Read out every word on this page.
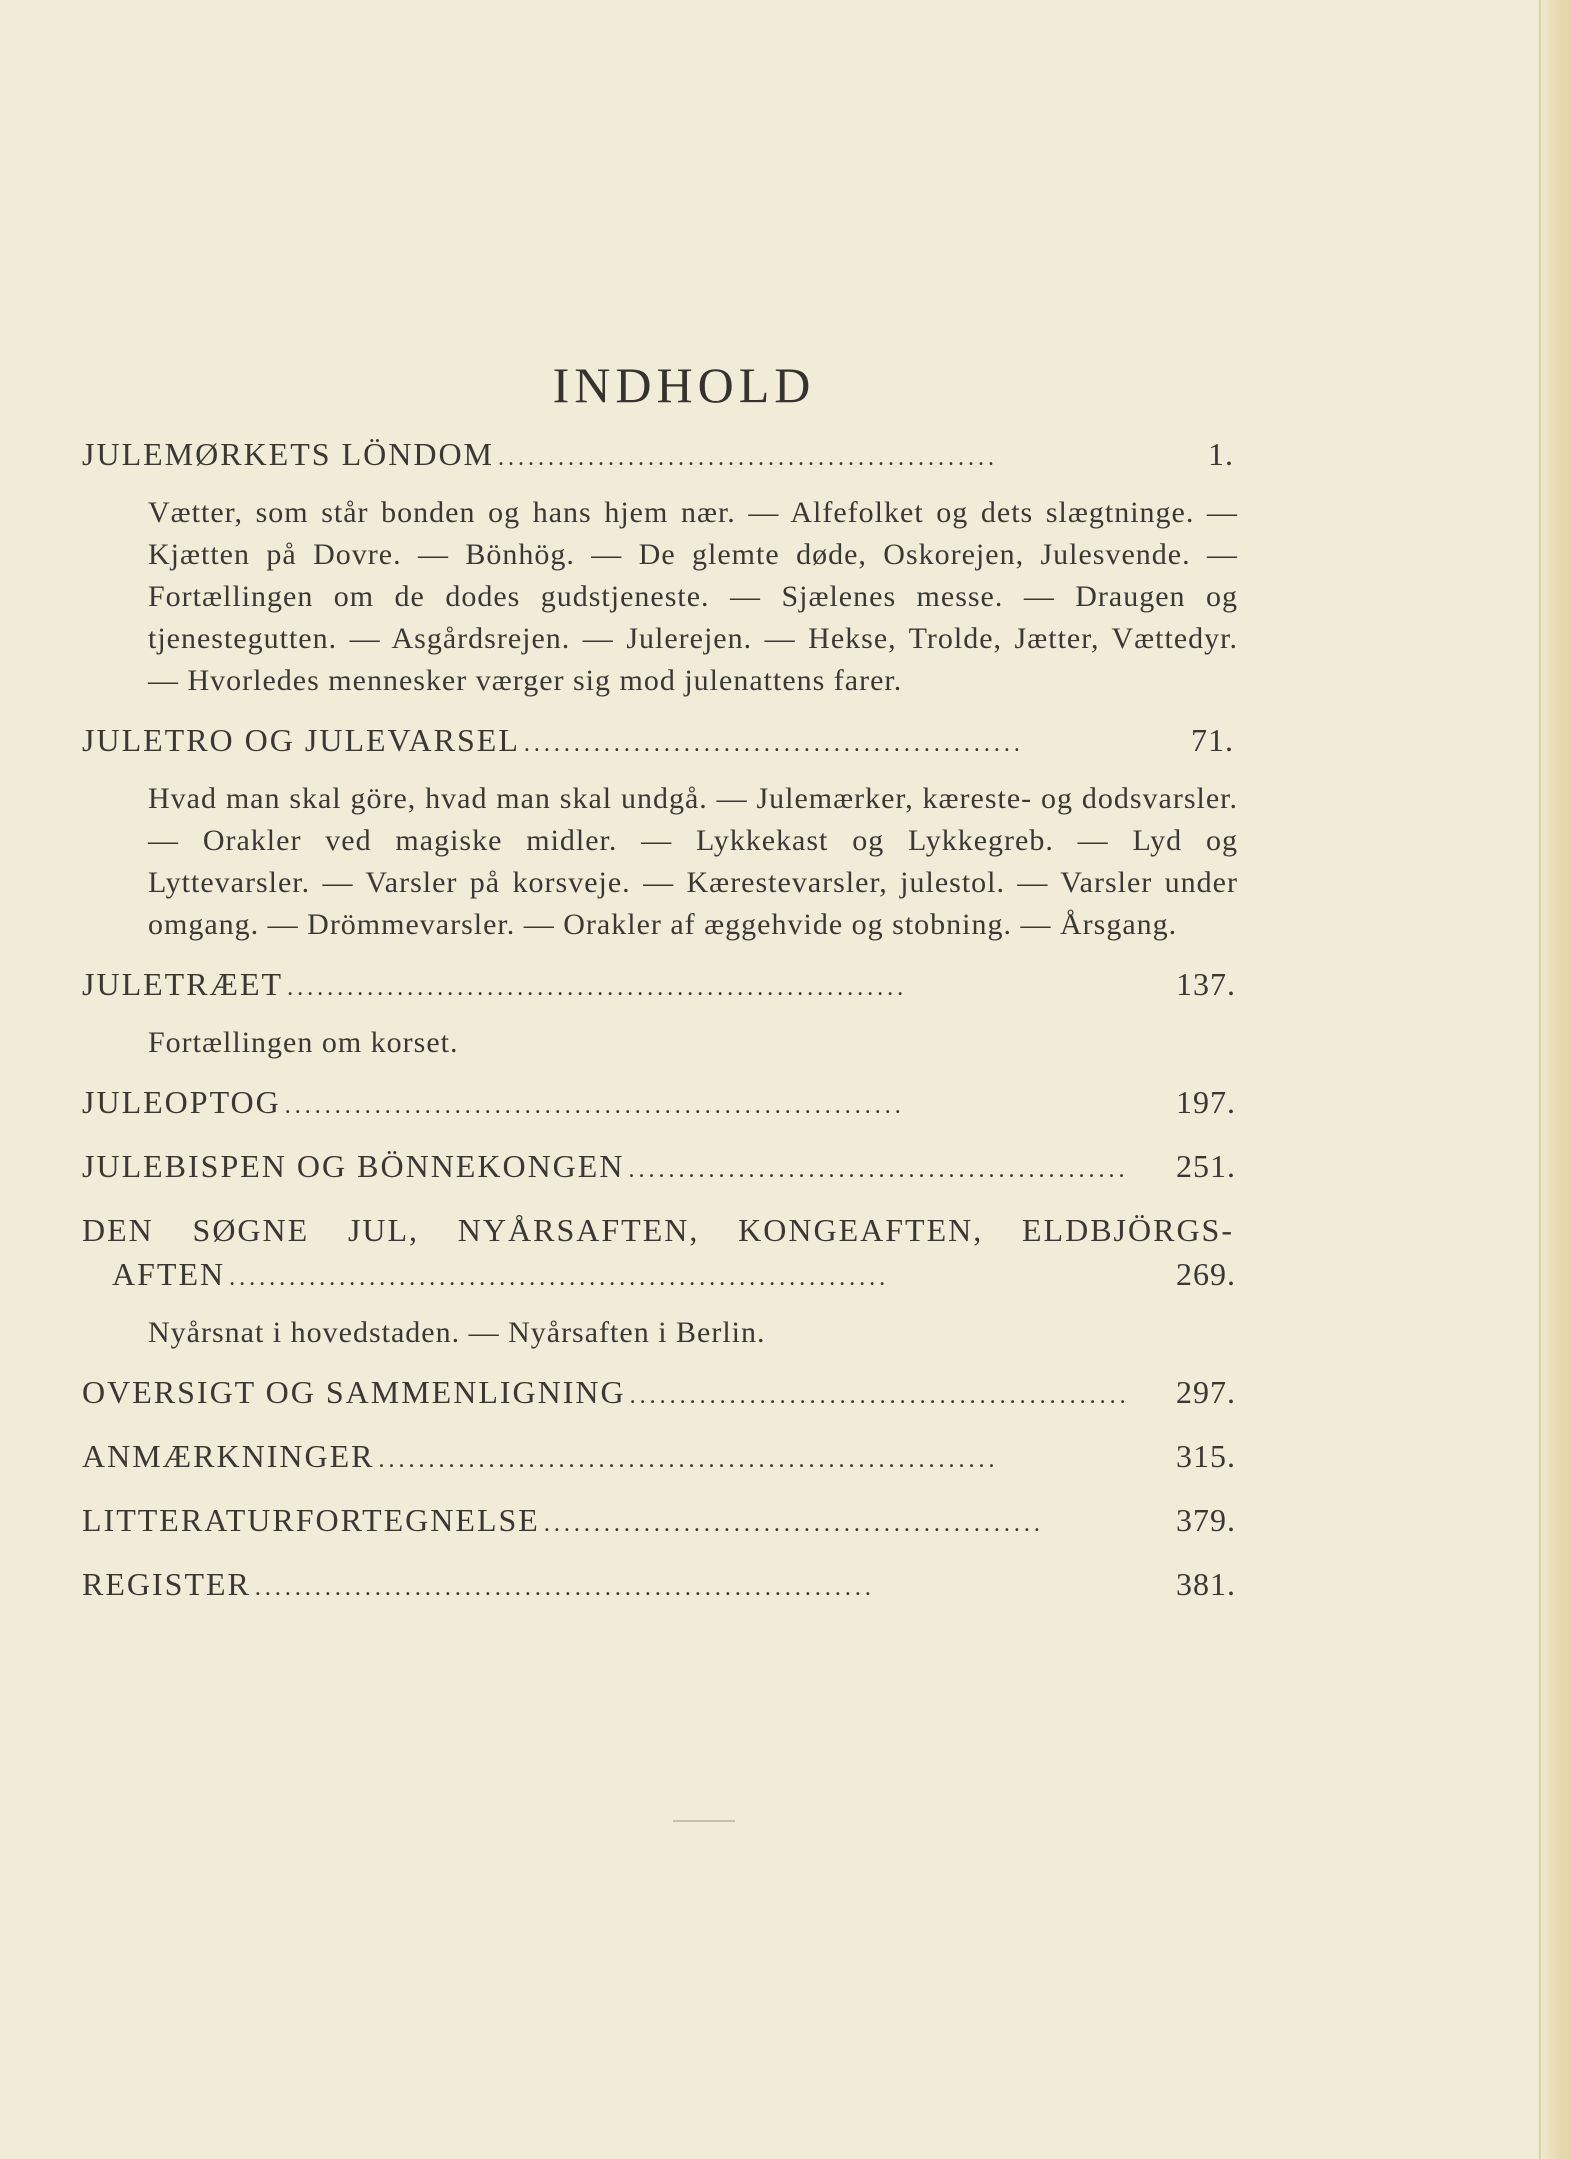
INDHOLD
JULEMØRKETS LÖNDOM ..................................................	1.

Vætter, som står bonden og hans hjem nær. — Alfefolket og dets slægtninge. — Kjætten på Dovre. — Bönhög. — De glemte døde, Oskorejen, Julesvende. — Fortællingen om de dodes gudstjeneste. — Sjælenes messe. — Draugen og tjenestegutten. — Asgårdsrejen. — Julerejen. — Hekse, Trolde, Jætter, Vættedyr. — Hvorledes mennesker værger sig mod julenattens farer.

JULETRO OG JULEVARSEL ..................................................	71.

Hvad man skal göre, hvad man skal undgå. — Julemærker, kæreste- og dodsvarsler. — Orakler ved magiske midler. — Lykkekast og Lykkegreb. — Lyd og Lyttevarsler. — Varsler på korsveje. — Kærestevarsler, julestol. — Varsler under omgang. — Drömmevarsler. — Orakler af æggehvide og stobning. — Årsgang.

JULETRÆET ..............................................................	137.

Fortællingen om korset.

JULEOPTOG ..............................................................	197.
JULEBISPEN OG BÖNNEKONGEN ..................................................	251.
DEN SØGNE JUL, NYÅRSAFTEN, KONGEAFTEN, ELDBJÖRGS-
AFTEN ..................................................................	269.

Nyårsnat i hovedstaden. — Nyårsaften i Berlin.

OVERSIGT OG SAMMENLIGNING ..................................................	297.
ANMÆRKNINGER ..............................................................	315.
LITTERATURFORTEGNELSE ..................................................	379.
REGISTER ..............................................................	381.
